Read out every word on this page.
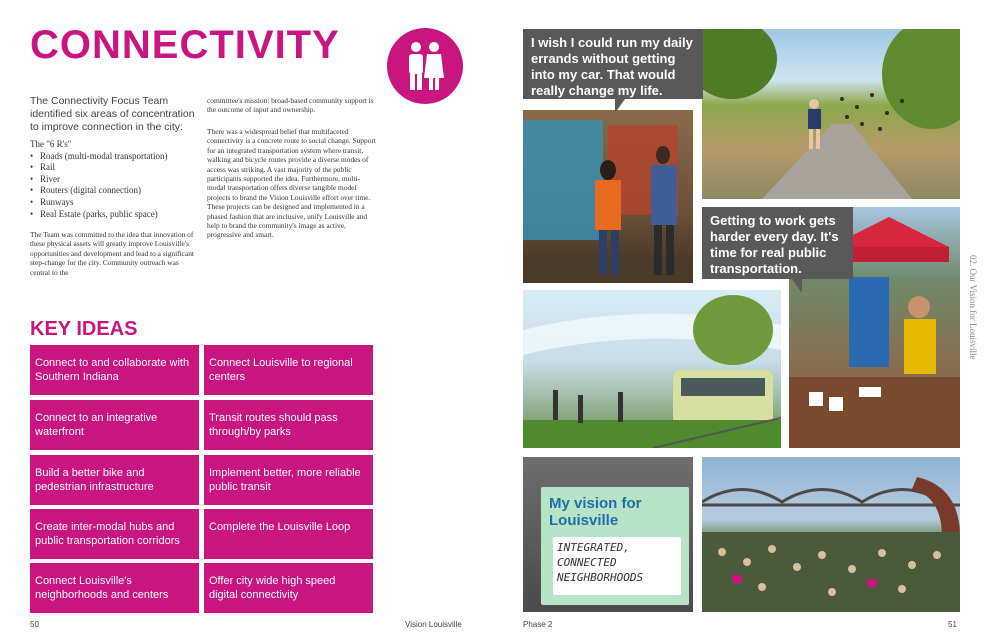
CONNECTIVITY
The Connectivity Focus Team identified six areas of concentration to improve connection in the city:
The "6 R's"
• Roads (multi-modal transportation)
• Rail
• River
• Routers (digital connection)
• Runways
• Real Estate (parks, public space)

The Team was committed to the idea that innovation of these physical assets will greatly improve Louisville's opportunities and development and lead to a significant step-change for the city. Community outreach was central to the

committee's mission: broad-based community support is the outcome of input and ownership.

There was a widespread belief that multifaceted connectivity is a concrete route to social change. Support for an integrated transportation system where transit, walking and bicycle routes provide a diverse modes of access was striking. A vast majority of the public participants supported the idea. Furthermore, multi-modal transportation offers diverse tangible model projects to brand the Vision Louisville effort over time. These projects can be designed and implemented in a phased fashion that are inclusive, unify Louisville and help to brand the community's image as active, progressive and smart.

KEY IDEAS
Connect to and collaborate with Southern Indiana
Connect to an integrative waterfront
Build a better bike and pedestrian infrastructure
Create inter-modal hubs and public transportation corridors
Connect Louisville's neighborhoods and centers
Connect Louisville to regional centers
Transit routes should pass through/by parks
Implement better, more reliable public transit
Complete the Louisville Loop
Offer city wide high speed digital connectivity
50	Vision Louisville
My vision for Louisville
INTEGRATED,
CONNECTED
NEIGHBORHOODS
I wish I could run my daily errands without getting into my car. That would really change my life.
Getting to work gets harder every day. It's time for real public transportation.	02. Our Vision for Louisville
Phase 2	51
